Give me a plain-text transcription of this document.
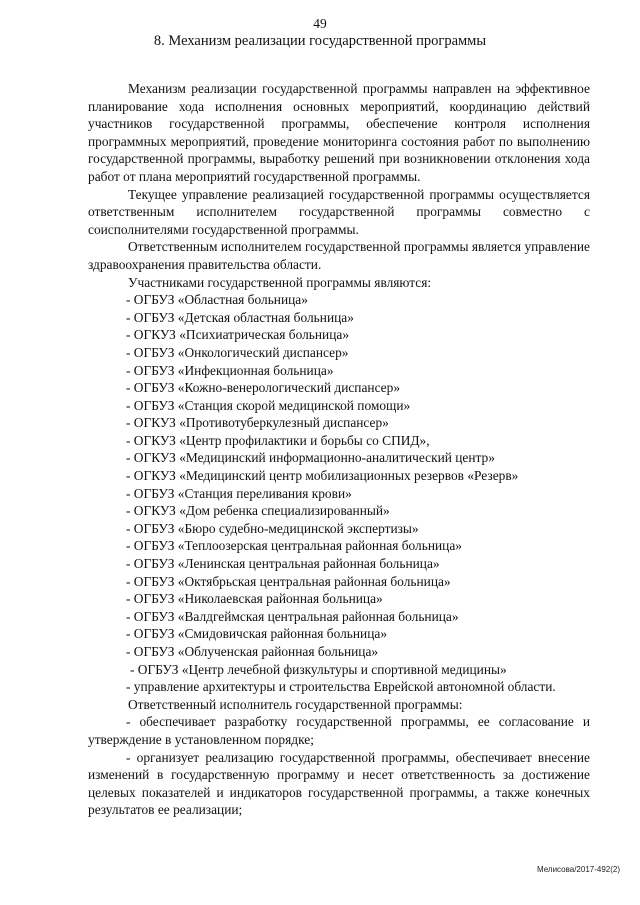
49
8. Механизм реализации государственной программы

Механизм реализации государственной программы направлен на эффективное планирование хода исполнения основных мероприятий, координацию действий участников государственной программы, обеспечение контроля исполнения программных мероприятий, проведение мониторинга состояния работ по выполнению государственной программы, выработку решений при возникновении отклонения хода работ от плана мероприятий государственной программы.

Текущее управление реализацией государственной программы осуществляется ответственным исполнителем государственной программы совместно с соисполнителями государственной программы.

Ответственным исполнителем государственной программы является управление здравоохранения правительства области.

Участниками государственной программы являются:

- ОГБУЗ «Областная больница»
- ОГБУЗ «Детская областная больница»
- ОГКУЗ «Психиатрическая больница»
- ОГБУЗ «Онкологический диспансер»
- ОГБУЗ «Инфекционная больница»
- ОГБУЗ «Кожно-венерологический диспансер»
- ОГБУЗ «Станция скорой медицинской помощи»
- ОГКУЗ «Противотуберкулезный диспансер»
- ОГКУЗ «Центр профилактики и борьбы со СПИД»,
- ОГКУЗ «Медицинский информационно-аналитический центр»
- ОГКУЗ «Медицинский центр мобилизационных резервов «Резерв»
- ОГБУЗ «Станция переливания крови»
- ОГКУЗ «Дом ребенка специализированный»
- ОГБУЗ «Бюро судебно-медицинской экспертизы»
- ОГБУЗ «Теплоозерская центральная районная больница»
- ОГБУЗ «Ленинская центральная районная больница»
- ОГБУЗ «Октябрьская центральная районная больница»
- ОГБУЗ «Николаевская районная больница»
- ОГБУЗ «Валдгеймская центральная районная больница»
- ОГБУЗ «Смидовичская районная больница»
- ОГБУЗ «Облученская районная больница»
- ОГБУЗ «Центр лечебной физкультуры и спортивной медицины»

- управление архитектуры и строительства Еврейской автономной области.

Ответственный исполнитель государственной программы:

- обеспечивает разработку государственной программы, ее согласование и утверждение в установленном порядке;

- организует реализацию государственной программы, обеспечивает внесение изменений в государственную программу и несет ответственность за достижение целевых показателей и индикаторов государственной программы, а также конечных результатов ее реализации;

Мелисова/2017-492(2)
